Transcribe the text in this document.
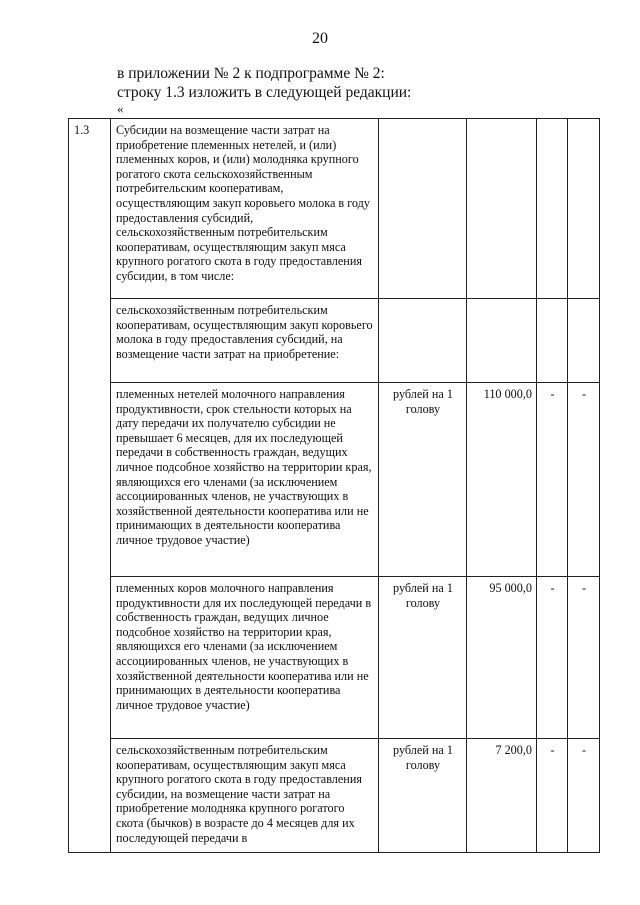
20
в приложении № 2 к подпрограмме № 2:
строку 1.3 изложить в следующей редакции:
«
1.3	Субсидии на возмещение части затрат на приобретение племенных нетелей, и (или) племенных коров, и (или) молодняка крупного рогатого скота сельскохозяйственным потребительским кооперативам, осуществляющим закуп коровьего молока в году предоставления субсидий, сельскохозяйственным потребительским кооперативам, осуществляющим закуп мяса крупного рогатого скота в году предоставления субсидии, в том числе:				
	сельскохозяйственным потребительским кооперативам, осуществляющим закуп коровьего молока в году предоставления субсидий, на возмещение части затрат на приобретение:				
	племенных нетелей молочного направления продуктивности, срок стельности которых на дату передачи их получателю субсидии не превышает 6 месяцев, для их последующей передачи в собственность граждан, ведущих личное подсобное хозяйство на территории края, являющихся его членами (за исключением ассоциированных членов, не участвующих в хозяйственной деятельности кооператива или не принимающих в деятельности кооператива личное трудовое участие)	рублей на 1 голову	110 000,0	-	-
	племенных коров молочного направления продуктивности для их последующей передачи в собственность граждан, ведущих личное подсобное хозяйство на территории края, являющихся его членами (за исключением ассоциированных членов, не участвующих в хозяйственной деятельности кооператива или не принимающих в деятельности кооператива личное трудовое участие)	рублей на 1 голову	95 000,0	-	-
	сельскохозяйственным потребительским кооперативам, осуществляющим закуп мяса крупного рогатого скота в году предоставления субсидии, на возмещение части затрат на приобретение молодняка крупного рогатого скота (бычков) в возрасте до 4 месяцев для их последующей передачи в	рублей на 1 голову	7 200,0	-	-
